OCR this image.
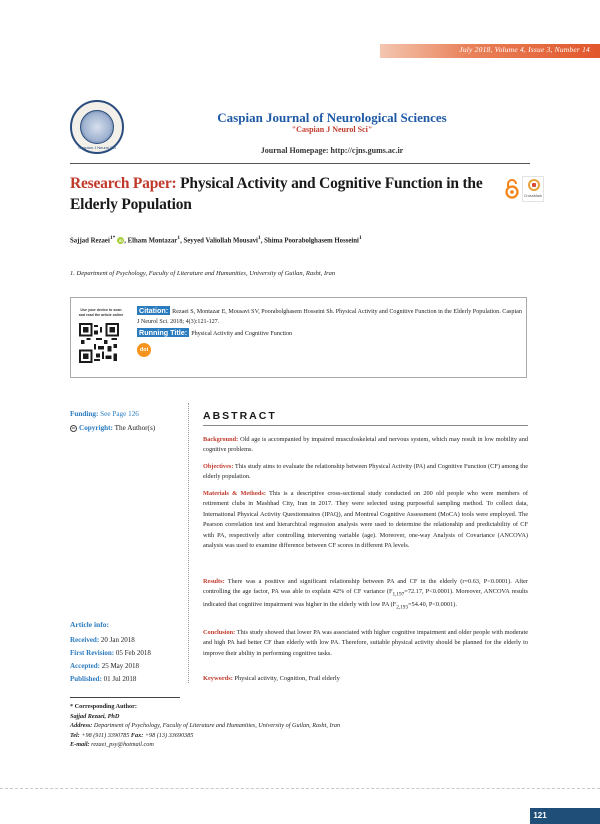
July 2018, Volume 4, Issue 3, Number 14
Caspian J Neurol Sci
Caspian Journal of Neurological Sciences
"Caspian J Neurol Sci"
Journal Homepage: http://cjns.gums.ac.ir
Research Paper: Physical Activity and Cognitive Function in the Elderly Population	CrossMark
Sajjad Rezaei$^{1*}$ iD , Elham Montazar$^1$, Seyyed Valiollah Mousavi$^1$, Shima Poorabolghasem Hosseini$^1$
1. Department of Psychology, Faculty of Literature and Humanities, University of Guilan, Rasht, Iran
Use your device to scan and read the article online Citation: Rezaei S, Montazar E, Mousavi SV, Poorabolghasem Hosseini Sh. Physical Activity and Cognitive Function in the Elderly Population. Caspian J Neurol Sci. 2018; 4(3):121-127.
Running Title: Physical Activity and Cognitive Function
doi
Funding: See Page 126
cc Copyright: The Author(s)
Article info:
Received: 20 Jan 2018
First Revision: 05 Feb 2018
Accepted: 25 May 2018
Published: 01 Jul 2018
ABSTRACT
Background: Old age is accompanied by impaired musculoskeletal and nervous system, which may result in low mobility and cognitive problems.
Objectives: This study aims to evaluate the relationship between Physical Activity (PA) and Cognitive Function (CF) among the elderly population.
Materials & Methods: This is a descriptive cross-sectional study conducted on 200 old people who were members of retirement clubs in Mashhad City, Iran in 2017. They were selected using purposeful sampling method. To collect data, International Physical Activity Questionnaires (IPAQ), and Montreal Cognitive Assessment (MoCA) tools were employed. The Pearson correlation test and hierarchical regression analysis were used to determine the relationship and predictability of CF with PA, respectively after controlling intervening variable (age). Moreover, one-way Analysis of Covariance (ANCOVA) analysis was used to examine difference between CF scores in different PA levels.
Results: There was a positive and significant relationship between PA and CF in the elderly (r=0.63, P<0.0001). After controlling the age factor, PA was able to explain 42% of CF variance ($F_{1,197}=72.17$, P<0.0001). Moreover, ANCOVA results indicated that cognitive impairment was higher in the elderly with low PA ($F_{2,193}=54.40$, P<0.0001).
Conclusion: This study showed that lower PA was associated with higher cognitive impairment and older people with moderate and high PA had better CF than elderly with low PA. Therefore, suitable physical activity should be planned for the elderly to improve their ability in performing cognitive tasks.
Keywords: Physical activity, Cognition, Frail elderly
* Corresponding Author:
Sajjad Rezaei, PhD
Address: Department of Psychology, Faculty of Literature and Humanities, University of Guilan, Rasht, Iran
Tel: +98 (911) 3390785 Fax: +98 (13) 33690385
E-mail: rezaei_psy@hotmail.com
121
